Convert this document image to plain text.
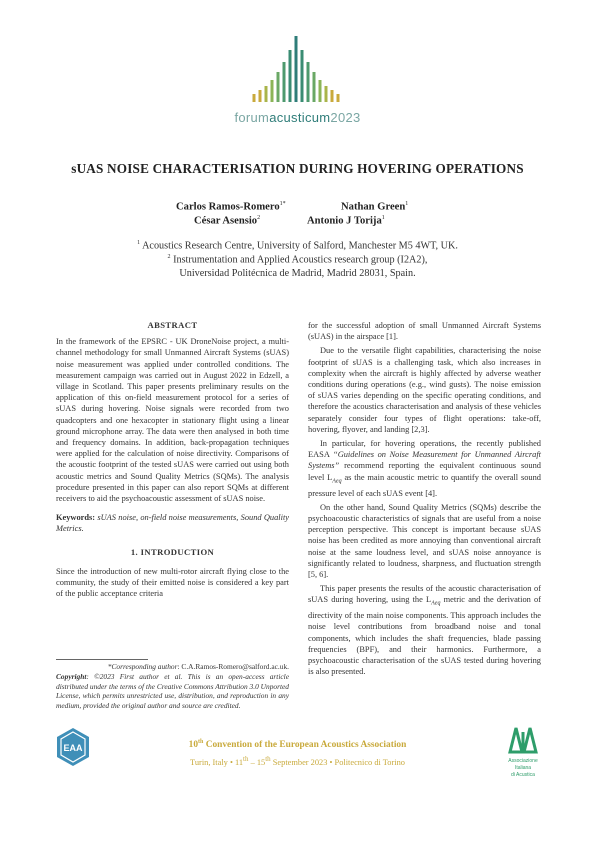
forumacusticum2023
sUAS NOISE CHARACTERISATION DURING HOVERING OPERATIONS
Carlos Ramos-Romero$^{1*}$	Nathan Green$^1$
César Asensio$^2$	Antonio J Torija$^1$
$^1$ Acoustics Research Centre, University of Salford, Manchester M5 4WT, UK.
$^2$ Instrumentation and Applied Acoustics research group (I2A2),
Universidad Politécnica de Madrid, Madrid 28031, Spain.
ABSTRACT

In the framework of the EPSRC - UK DroneNoise project, a multi-channel methodology for small Unmanned Aircraft Systems (sUAS) noise measurement was applied under controlled conditions. The measurement campaign was carried out in August 2022 in Edzell, a village in Scotland. This paper presents preliminary results on the application of this on-field measurement protocol for a series of sUAS during hovering. Noise signals were recorded from two quadcopters and one hexacopter in stationary flight using a linear ground microphone array. The data were then analysed in both time and frequency domains. In addition, back-propagation techniques were applied for the calculation of noise directivity. Comparisons of the acoustic footprint of the tested sUAS were carried out using both acoustic metrics and Sound Quality Metrics (SQMs). The analysis procedure presented in this paper can also report SQMs at different receivers to aid the psychoacoustic assessment of sUAS noise.

Keywords: sUAS noise, on-field noise measurements, Sound Quality Metrics.

1. INTRODUCTION

Since the introduction of new multi-rotor aircraft flying close to the community, the study of their emitted noise is considered a key part of the public acceptance criteria

*Corresponding author: C.A.Ramos-Romero@salford.ac.uk.
Copyright: ©2023 First author et al. This is an open-access article distributed under the terms of the Creative Commons Attribution 3.0 Unported License, which permits unrestricted use, distribution, and reproduction in any medium, provided the original author and source are credited.

for the successful adoption of small Unmanned Aircraft Systems (sUAS) in the airspace [1].

Due to the versatile flight capabilities, characterising the noise footprint of sUAS is a challenging task, which also increases in complexity when the aircraft is highly affected by adverse weather conditions during operations (e.g., wind gusts). The noise emission of sUAS varies depending on the specific operating conditions, and therefore the acoustics characterisation and analysis of these vehicles separately consider four types of flight operations: take-off, hovering, flyover, and landing [2,3].

In particular, for hovering operations, the recently published EASA “Guidelines on Noise Measurement for Unmanned Aircraft Systems” recommend reporting the equivalent continuous sound level $L_{Aeq}$ as the main acoustic metric to quantify the overall sound pressure level of each sUAS event [4].

On the other hand, Sound Quality Metrics (SQMs) describe the psychoacoustic characteristics of signals that are useful from a noise perception perspective. This concept is important because sUAS noise has been credited as more annoying than conventional aircraft noise at the same loudness level, and sUAS noise annoyance is significantly related to loudness, sharpness, and fluctuation strength [5, 6].

This paper presents the results of the acoustic characterisation of sUAS during hovering, using the $L_{Aeq}$ metric and the derivation of directivity of the main noise components. This approach includes the noise level contributions from broadband noise and tonal components, which includes the shaft frequencies, blade passing frequencies (BPF), and their harmonics. Furthermore, a psychoacoustic characterisation of the sUAS tested during hovering is also presented.

EAA	10th Convention of the European Acoustics Association
Turin, Italy • 11th – 15th September 2023 • Politecnico di Torino	Associazione
Italiana
di Acustica
